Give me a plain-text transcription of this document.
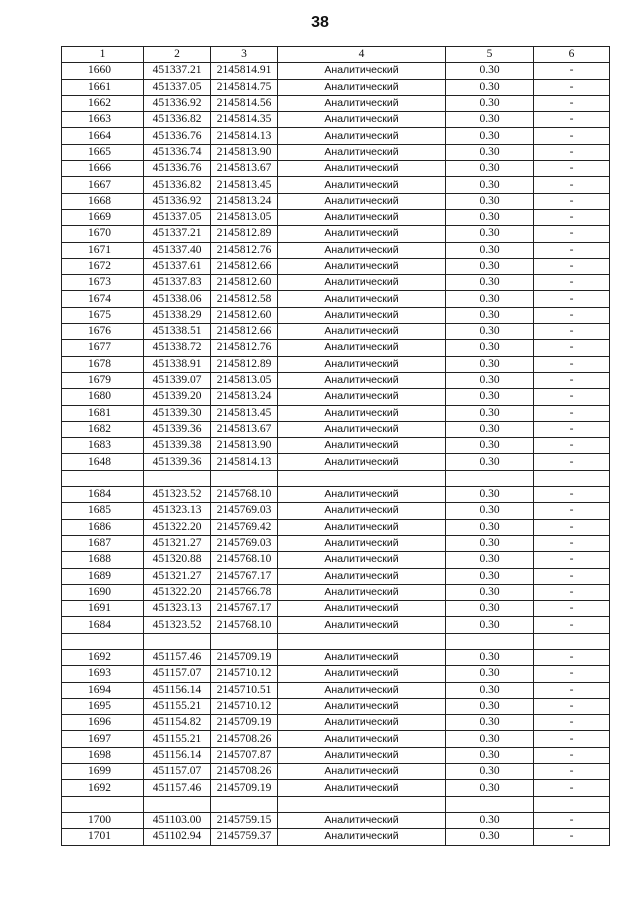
38
1	2	3	4	5	6
1660	451337.21	2145814.91	Аналитический	0.30	-
1661	451337.05	2145814.75	Аналитический	0.30	-
1662	451336.92	2145814.56	Аналитический	0.30	-
1663	451336.82	2145814.35	Аналитический	0.30	-
1664	451336.76	2145814.13	Аналитический	0.30	-
1665	451336.74	2145813.90	Аналитический	0.30	-
1666	451336.76	2145813.67	Аналитический	0.30	-
1667	451336.82	2145813.45	Аналитический	0.30	-
1668	451336.92	2145813.24	Аналитический	0.30	-
1669	451337.05	2145813.05	Аналитический	0.30	-
1670	451337.21	2145812.89	Аналитический	0.30	-
1671	451337.40	2145812.76	Аналитический	0.30	-
1672	451337.61	2145812.66	Аналитический	0.30	-
1673	451337.83	2145812.60	Аналитический	0.30	-
1674	451338.06	2145812.58	Аналитический	0.30	-
1675	451338.29	2145812.60	Аналитический	0.30	-
1676	451338.51	2145812.66	Аналитический	0.30	-
1677	451338.72	2145812.76	Аналитический	0.30	-
1678	451338.91	2145812.89	Аналитический	0.30	-
1679	451339.07	2145813.05	Аналитический	0.30	-
1680	451339.20	2145813.24	Аналитический	0.30	-
1681	451339.30	2145813.45	Аналитический	0.30	-
1682	451339.36	2145813.67	Аналитический	0.30	-
1683	451339.38	2145813.90	Аналитический	0.30	-
1648	451339.36	2145814.13	Аналитический	0.30	-

1684	451323.52	2145768.10	Аналитический	0.30	-
1685	451323.13	2145769.03	Аналитический	0.30	-
1686	451322.20	2145769.42	Аналитический	0.30	-
1687	451321.27	2145769.03	Аналитический	0.30	-
1688	451320.88	2145768.10	Аналитический	0.30	-
1689	451321.27	2145767.17	Аналитический	0.30	-
1690	451322.20	2145766.78	Аналитический	0.30	-
1691	451323.13	2145767.17	Аналитический	0.30	-
1684	451323.52	2145768.10	Аналитический	0.30	-

1692	451157.46	2145709.19	Аналитический	0.30	-
1693	451157.07	2145710.12	Аналитический	0.30	-
1694	451156.14	2145710.51	Аналитический	0.30	-
1695	451155.21	2145710.12	Аналитический	0.30	-
1696	451154.82	2145709.19	Аналитический	0.30	-
1697	451155.21	2145708.26	Аналитический	0.30	-
1698	451156.14	2145707.87	Аналитический	0.30	-
1699	451157.07	2145708.26	Аналитический	0.30	-
1692	451157.46	2145709.19	Аналитический	0.30	-

1700	451103.00	2145759.15	Аналитический	0.30	-
1701	451102.94	2145759.37	Аналитический	0.30	-
